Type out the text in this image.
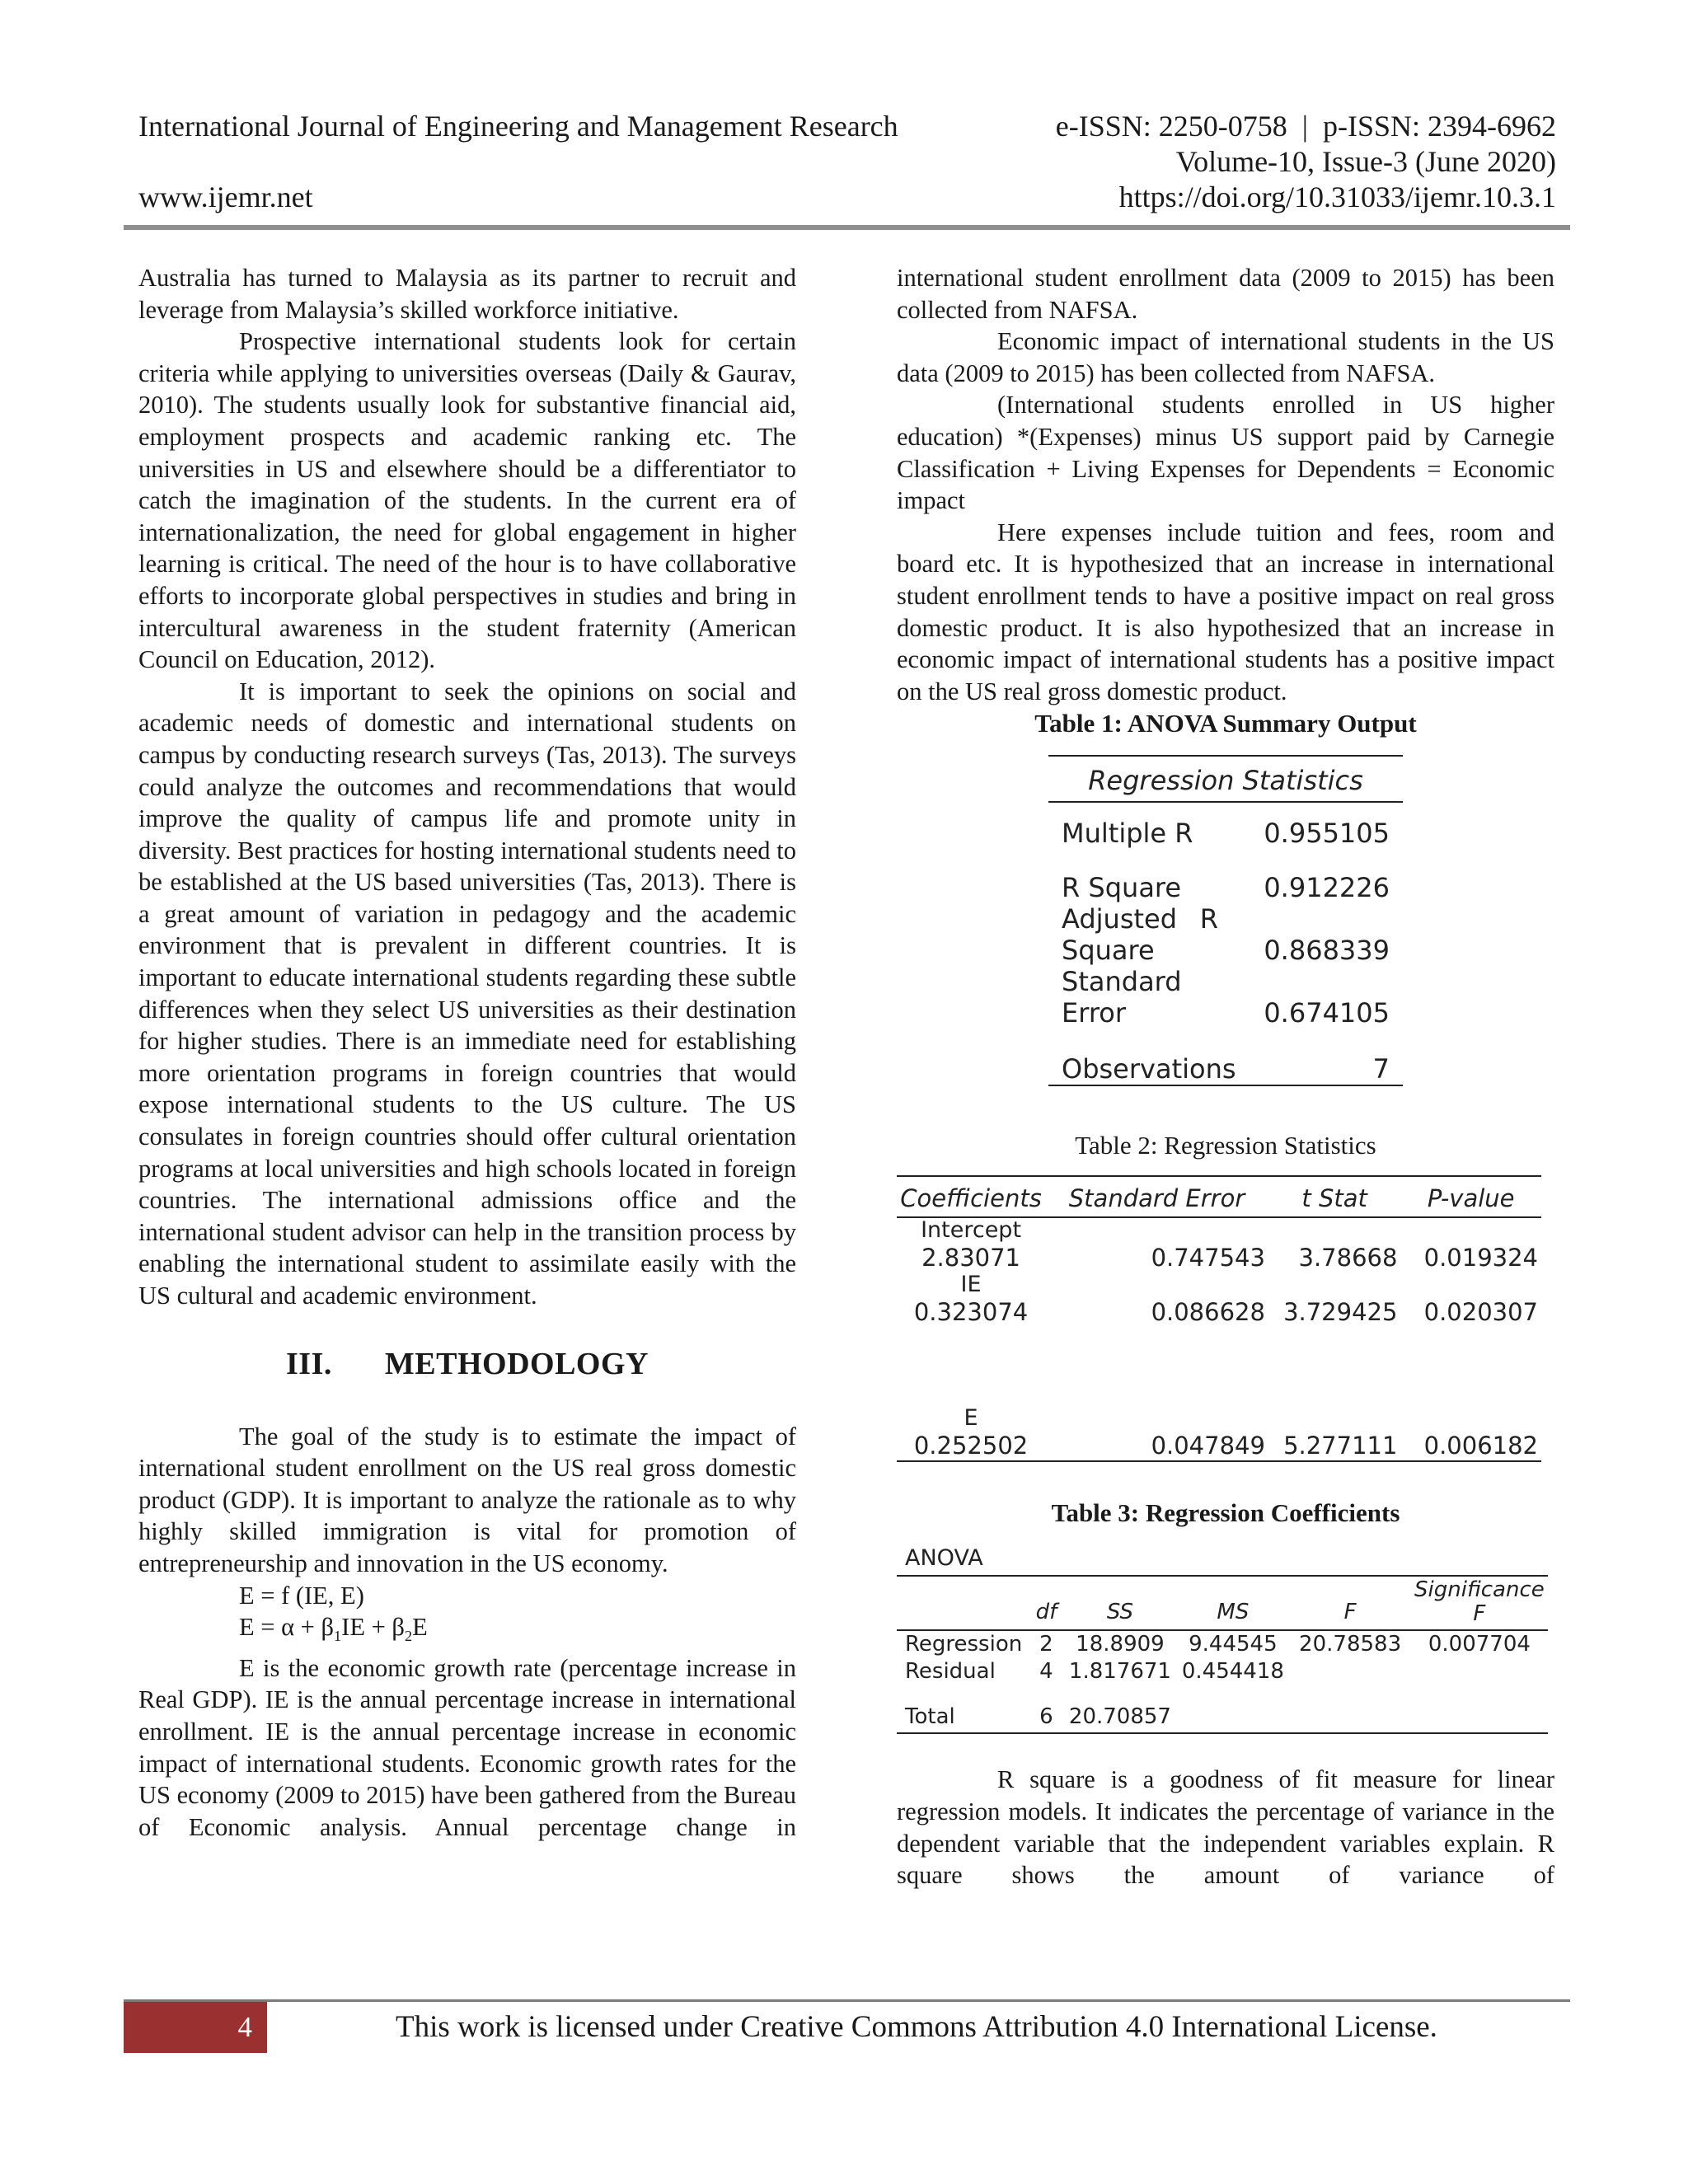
International Journal of Engineering and Management Research	e-ISSN: 2250-0758  |  p-ISSN: 2394-6962
Volume-10, Issue-3 (June 2020)
www.ijemr.net	https://doi.org/10.31033/ijemr.10.3.1

Australia has turned to Malaysia as its partner to recruit and leverage from Malaysia’s skilled workforce initiative.

Prospective international students look for certain criteria while applying to universities overseas (Daily & Gaurav, 2010). The students usually look for substantive financial aid, employment prospects and academic ranking etc. The universities in US and elsewhere should be a differentiator to catch the imagination of the students. In the current era of internationalization, the need for global engagement in higher learning is critical. The need of the hour is to have collaborative efforts to incorporate global perspectives in studies and bring in intercultural awareness in the student fraternity (American Council on Education, 2012).

It is important to seek the opinions on social and academic needs of domestic and international students on campus by conducting research surveys (Tas, 2013). The surveys could analyze the outcomes and recommendations that would improve the quality of campus life and promote unity in diversity. Best practices for hosting international students need to be established at the US based universities (Tas, 2013). There is a great amount of variation in pedagogy and the academic environment that is prevalent in different countries. It is important to educate international students regarding these subtle differences when they select US universities as their destination for higher studies. There is an immediate need for establishing more orientation programs in foreign countries that would expose international students to the US culture. The US consulates in foreign countries should offer cultural orientation programs at local universities and high schools located in foreign countries. The international admissions office and the international student advisor can help in the transition process by enabling the international student to assimilate easily with the US cultural and academic environment.

III. METHODOLOGY

The goal of the study is to estimate the impact of international student enrollment on the US real gross domestic product (GDP). It is important to analyze the rationale as to why highly skilled immigration is vital for promotion of entrepreneurship and innovation in the US economy.

E = f (IE, E)

$E = \alpha + \beta_1IE + \beta_2E$

E is the economic growth rate (percentage increase in Real GDP). IE is the annual percentage increase in international enrollment. IE is the annual percentage increase in economic impact of international students. Economic growth rates for the US economy (2009 to 2015) have been gathered from the Bureau of Economic analysis. Annual percentage change in

international student enrollment data (2009 to 2015) has been collected from NAFSA.

Economic impact of international students in the US data (2009 to 2015) has been collected from NAFSA.

(International students enrolled in US higher education) *(Expenses) minus US support paid by Carnegie Classification + Living Expenses for Dependents = Economic impact

Here expenses include tuition and fees, room and board etc. It is hypothesized that an increase in international student enrollment tends to have a positive impact on real gross domestic product. It is also hypothesized that an increase in economic impact of international students has a positive impact on the US real gross domestic product.

Table 1: ANOVA Summary Output
Regression Statistics
Multiple R	0.955105
R Square	0.912226
Adjusted R Square	0.868339
Standard Error	0.674105
Observations	7
Table 2: Regression Statistics
Coefficients	Standard Error	t Stat	P-value

Intercept
2.83071	0.747543	3.78668	0.019324

IE
0.323074	0.086628	3.729425	0.020307

E
0.252502	0.047849	5.277111	0.006182
Table 3: Regression Coefficients
ANOVA
	df	SS	MS	F	Significance F
Regression	2	18.8909	9.44545	20.78583	0.007704
Residual	4	1.817671	0.454418		
Total	6	20.70857			

R square is a goodness of fit measure for linear regression models. It indicates the percentage of variance in the dependent variable that the independent variables explain. R square shows the amount of variance of

4	This work is licensed under Creative Commons Attribution 4.0 International License.
